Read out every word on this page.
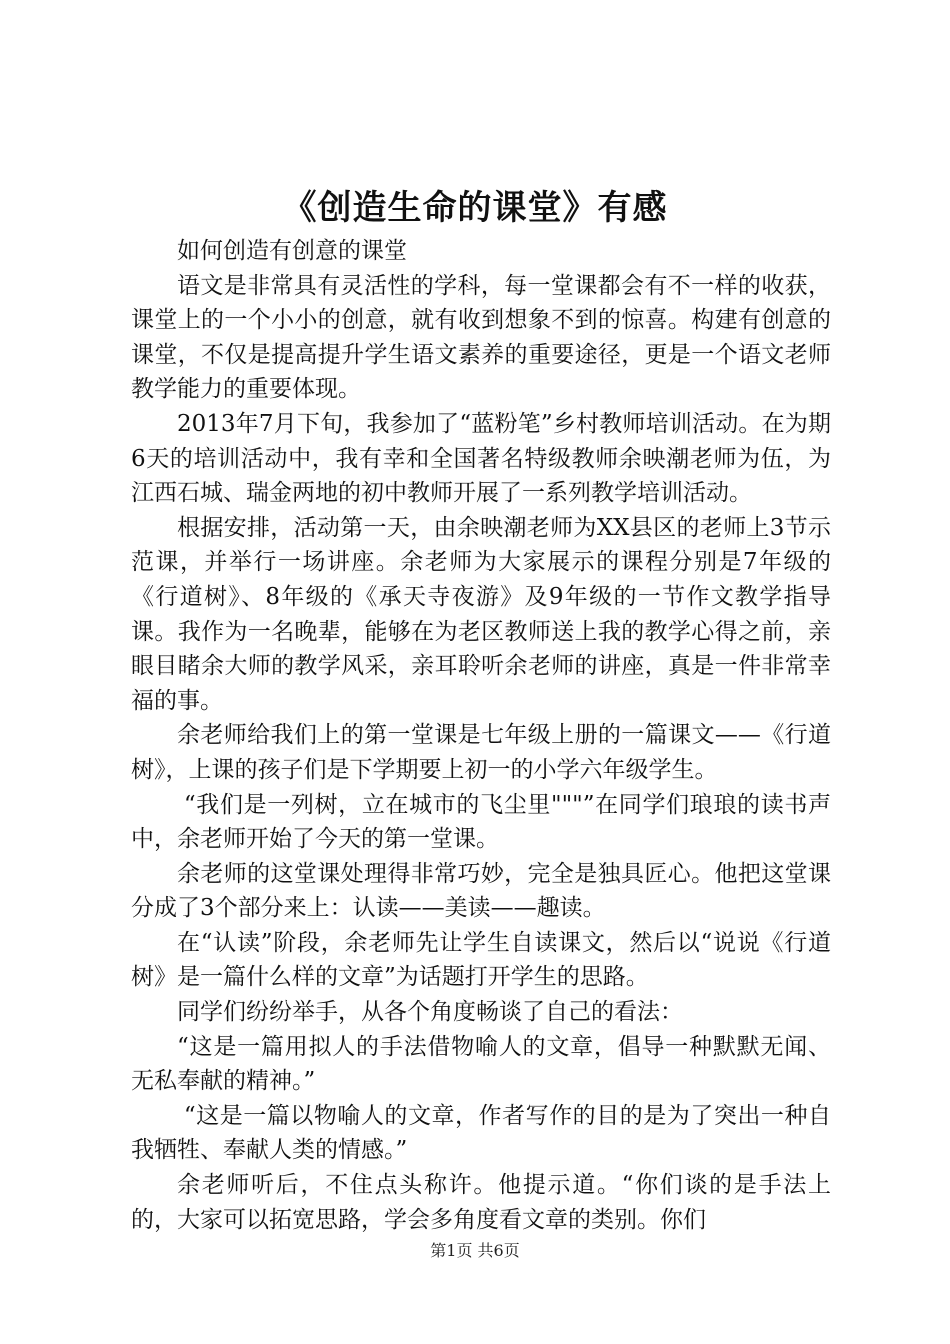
《创造生命的课堂》有感

如何创造有创意的课堂

语文是非常具有灵活性的学科，每一堂课都会有不一样的收获，课堂上的一个小小的创意，就有收到想象不到的惊喜。构建有创意的课堂，不仅是提高提升学生语文素养的重要途径，更是一个语文老师教学能力的重要体现。

2013年7月下旬，我参加了“蓝粉笔”乡村教师培训活动。在为期6天的培训活动中，我有幸和全国著名特级教师余映潮老师为伍，为江西石城、瑞金两地的初中教师开展了一系列教学培训活动。

根据安排，活动第一天，由余映潮老师为XX县区的老师上3节示范课，并举行一场讲座。余老师为大家展示的课程分别是7年级的《行道树》、8年级的《承天寺夜游》及9年级的一节作文教学指导课。我作为一名晚辈，能够在为老区教师送上我的教学心得之前，亲眼目睹余大师的教学风采，亲耳聆听余老师的讲座，真是一件非常幸福的事。

余老师给我们上的第一堂课是七年级上册的一篇课文——《行道树》，上课的孩子们是下学期要上初一的小学六年级学生。

“我们是一列树，立在城市的飞尘里"""”在同学们琅琅的读书声中，余老师开始了今天的第一堂课。

余老师的这堂课处理得非常巧妙，完全是独具匠心。他把这堂课分成了3个部分来上：认读——美读——趣读。

在“认读”阶段，余老师先让学生自读课文，然后以“说说《行道树》是一篇什么样的文章”为话题打开学生的思路。

同学们纷纷举手，从各个角度畅谈了自己的看法：

“这是一篇用拟人的手法借物喻人的文章，倡导一种默默无闻、无私奉献的精神。”

“这是一篇以物喻人的文章，作者写作的目的是为了突出一种自我牺牲、奉献人类的情感。”

余老师听后，不住点头称许。他提示道。“你们谈的是手法上的，大家可以拓宽思路，学会多角度看文章的类别。你们

第1页 共6页
